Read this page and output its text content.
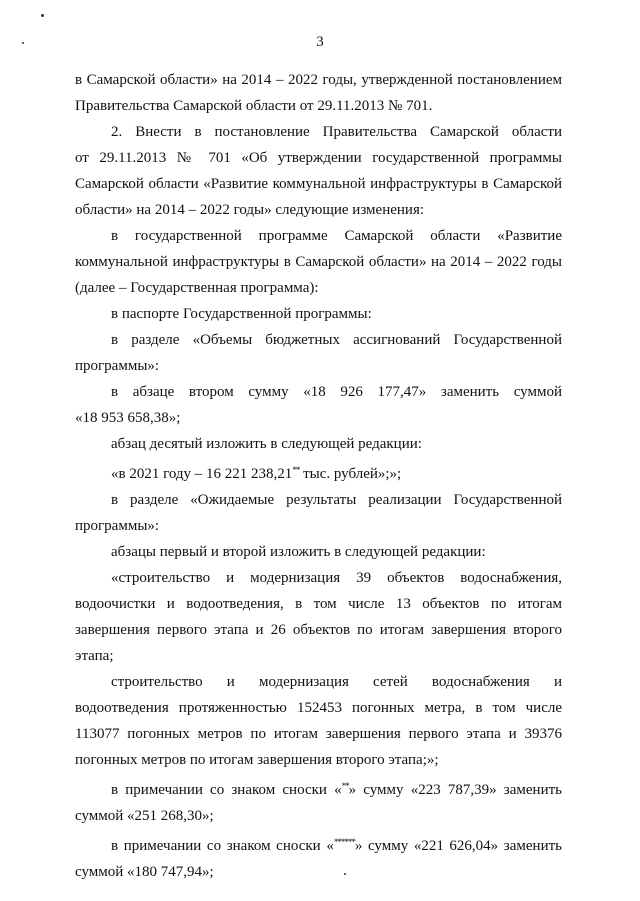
3
в Самарской области» на 2014 – 2022 годы, утвержденной постановлением
Правительства Самарской области от 29.11.2013 № 701.
2. Внести в постановление Правительства Самарской области
от 29.11.2013 № 701 «Об утверждении государственной программы
Самарской области «Развитие коммунальной инфраструктуры в Самарской
области» на 2014 – 2022 годы» следующие изменения:
в государственной программе Самарской области «Развитие
коммунальной инфраструктуры в Самарской области» на 2014 – 2022 годы
(далее – Государственная программа):
в паспорте Государственной программы:
в разделе «Объемы бюджетных ассигнований Государственной
программы»:
в абзаце втором сумму «18 926 177,47» заменить суммой
«18 953 658,38»;
абзац десятый изложить в следующей редакции:
«в 2021 году – 16 221 238,21** тыс. рублей»;»;
в разделе «Ожидаемые результаты реализации Государственной
программы»:
абзацы первый и второй изложить в следующей редакции:
«строительство и модернизация 39 объектов водоснабжения,
водоочистки и водоотведения, в том числе 13 объектов по итогам
завершения первого этапа и 26 объектов по итогам завершения второго
этапа;
строительство и модернизация сетей водоснабжения и
водоотведения протяженностью 152453 погонных метра, в том числе
113077 погонных метров по итогам завершения первого этапа и 39376
погонных метров по итогам завершения второго этапа;»;
в примечании со знаком сноски «**» сумму «223 787,39» заменить
суммой «251 268,30»;
в примечании со знаком сноски «******» сумму «221 626,04» заменить
суммой «180 747,94»;
